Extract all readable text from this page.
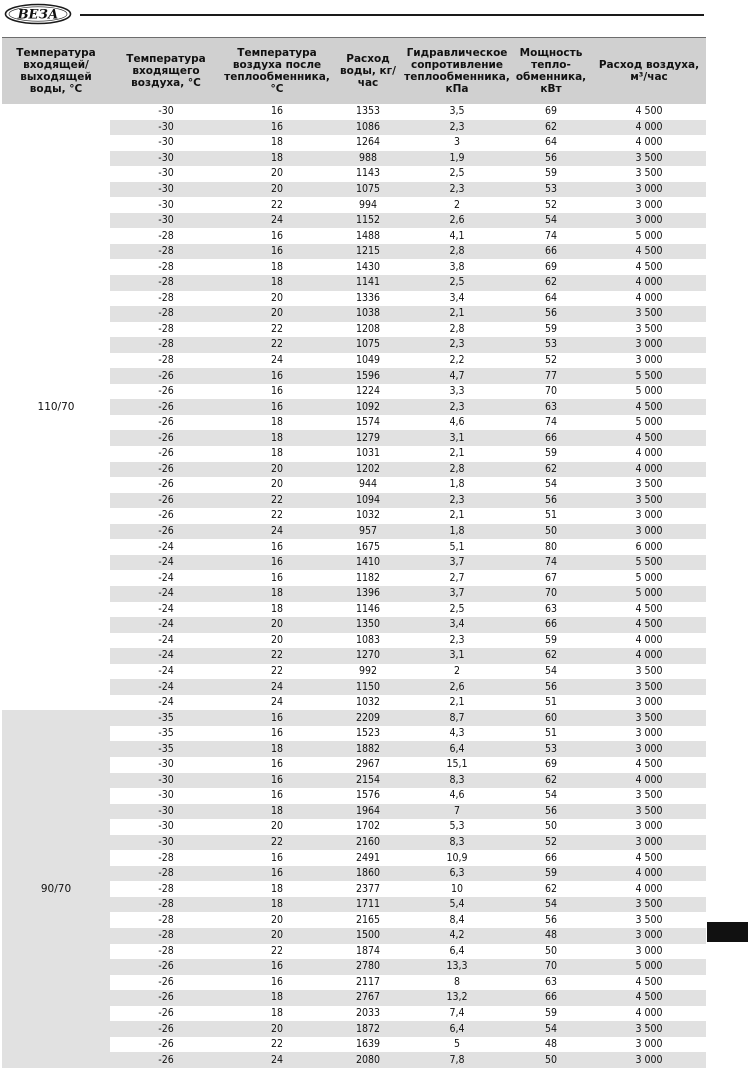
ВЕЗА
Температура входящей/ выходящей воды, °С
Температура входящего воздуха, °С
Температура воздуха после теплообменника, °С
Расход воды, кг/час
Гидравлическое сопротивление теплообменника, кПа
Мощность тепло- обменника, кВт
Расход воздуха, м³/час
110/70
-30	16	1353	3,5	69	4 500
-30	16	1086	2,3	62	4 000
-30	18	1264	3	64	4 000
-30	18	988	1,9	56	3 500
-30	20	1143	2,5	59	3 500
-30	20	1075	2,3	53	3 000
-30	22	994	2	52	3 000
-30	24	1152	2,6	54	3 000
-28	16	1488	4,1	74	5 000
-28	16	1215	2,8	66	4 500
-28	18	1430	3,8	69	4 500
-28	18	1141	2,5	62	4 000
-28	20	1336	3,4	64	4 000
-28	20	1038	2,1	56	3 500
-28	22	1208	2,8	59	3 500
-28	22	1075	2,3	53	3 000
-28	24	1049	2,2	52	3 000
-26	16	1596	4,7	77	5 500
-26	16	1224	3,3	70	5 000
-26	16	1092	2,3	63	4 500
-26	18	1574	4,6	74	5 000
-26	18	1279	3,1	66	4 500
-26	18	1031	2,1	59	4 000
-26	20	1202	2,8	62	4 000
-26	20	944	1,8	54	3 500
-26	22	1094	2,3	56	3 500
-26	22	1032	2,1	51	3 000
-26	24	957	1,8	50	3 000
-24	16	1675	5,1	80	6 000
-24	16	1410	3,7	74	5 500
-24	16	1182	2,7	67	5 000
-24	18	1396	3,7	70	5 000
-24	18	1146	2,5	63	4 500
-24	20	1350	3,4	66	4 500
-24	20	1083	2,3	59	4 000
-24	22	1270	3,1	62	4 000
-24	22	992	2	54	3 500
-24	24	1150	2,6	56	3 500
-24	24	1032	2,1	51	3 000
90/70
-35	16	2209	8,7	60	3 500
-35	16	1523	4,3	51	3 000
-35	18	1882	6,4	53	3 000
-30	16	2967	15,1	69	4 500
-30	16	2154	8,3	62	4 000
-30	16	1576	4,6	54	3 500
-30	18	1964	7	56	3 500
-30	20	1702	5,3	50	3 000
-30	22	2160	8,3	52	3 000
-28	16	2491	10,9	66	4 500
-28	16	1860	6,3	59	4 000
-28	18	2377	10	62	4 000
-28	18	1711	5,4	54	3 500
-28	20	2165	8,4	56	3 500
-28	20	1500	4,2	48	3 000
-28	22	1874	6,4	50	3 000
-26	16	2780	13,3	70	5 000
-26	16	2117	8	63	4 500
-26	18	2767	13,2	66	4 500
-26	18	2033	7,4	59	4 000
-26	20	1872	6,4	54	3 500
-26	22	1639	5	48	3 000
-26	24	2080	7,8	50	3 000
